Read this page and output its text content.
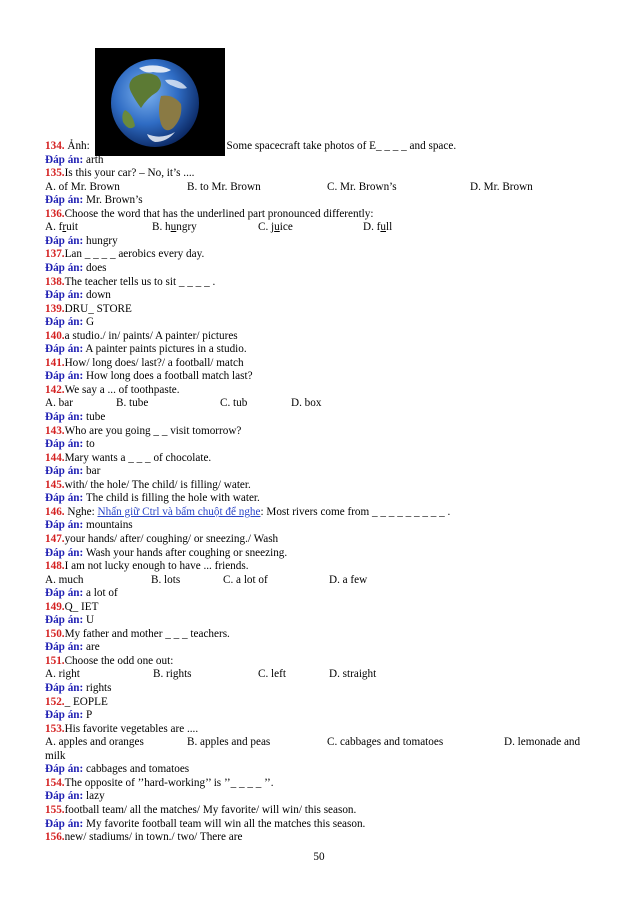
134. Ảnh:	Some spacecraft take photos of E_ _ _ _ and space.
Đáp án: arth
135.Is this your car? – No, it’s ....
A. of Mr. Brown	B. to Mr. Brown	C. Mr. Brown’s	D. Mr. Brown
Đáp án: Mr. Brown’s
136.Choose the word that has the underlined part pronounced differently:
A. fruit	B. hungry	C. juice	D. full
Đáp án: hungry
137.Lan _ _ _ _ aerobics every day.
Đáp án: does
138.The teacher tells us to sit _ _ _ _ .
Đáp án: down
139.DRU_ STORE
Đáp án: G
140.a studio./ in/ paints/ A painter/ pictures
Đáp án: A painter paints pictures in a studio.
141.How/ long does/ last?/ a football/ match
Đáp án: How long does a football match last?
142.We say a ... of toothpaste.
A. bar	B. tube	C. tub	D. box
Đáp án: tube
143.Who are you going _ _ visit tomorrow?
Đáp án: to
144.Mary wants a _ _ _ of chocolate.
Đáp án: bar
145.with/ the hole/ The child/ is filling/ water.
Đáp án: The child is filling the hole with water.
146. Nghe: Nhấn giữ Ctrl và bấm chuột để nghe: Most rivers come from _ _ _ _ _ _ _ _ _ .
Đáp án: mountains
147.your hands/ after/ coughing/ or sneezing./ Wash
Đáp án: Wash your hands after coughing or sneezing.
148.I am not lucky enough to have ... friends.
A. much	B. lots	C. a lot of	D. a few
Đáp án: a lot of
149.Q_ IET
Đáp án: U
150.My father and mother _ _ _ teachers.
Đáp án: are
151.Choose the odd one out:
A. right	B. rights	C. left	D. straight
Đáp án: rights
152._ EOPLE
Đáp án: P
153.His favorite vegetables are ....
A. apples and oranges	B. apples and peas	C. cabbages and tomatoes	D. lemonade and
milk
Đáp án: cabbages and tomatoes
154.The opposite of ’’hard-working’’ is ’’_ _ _ _ ’’.
Đáp án: lazy
155.football team/ all the matches/ My favorite/ will win/ this season.
Đáp án: My favorite football team will win all the matches this season.
156.new/ stadiums/ in town./ two/ There are
50
